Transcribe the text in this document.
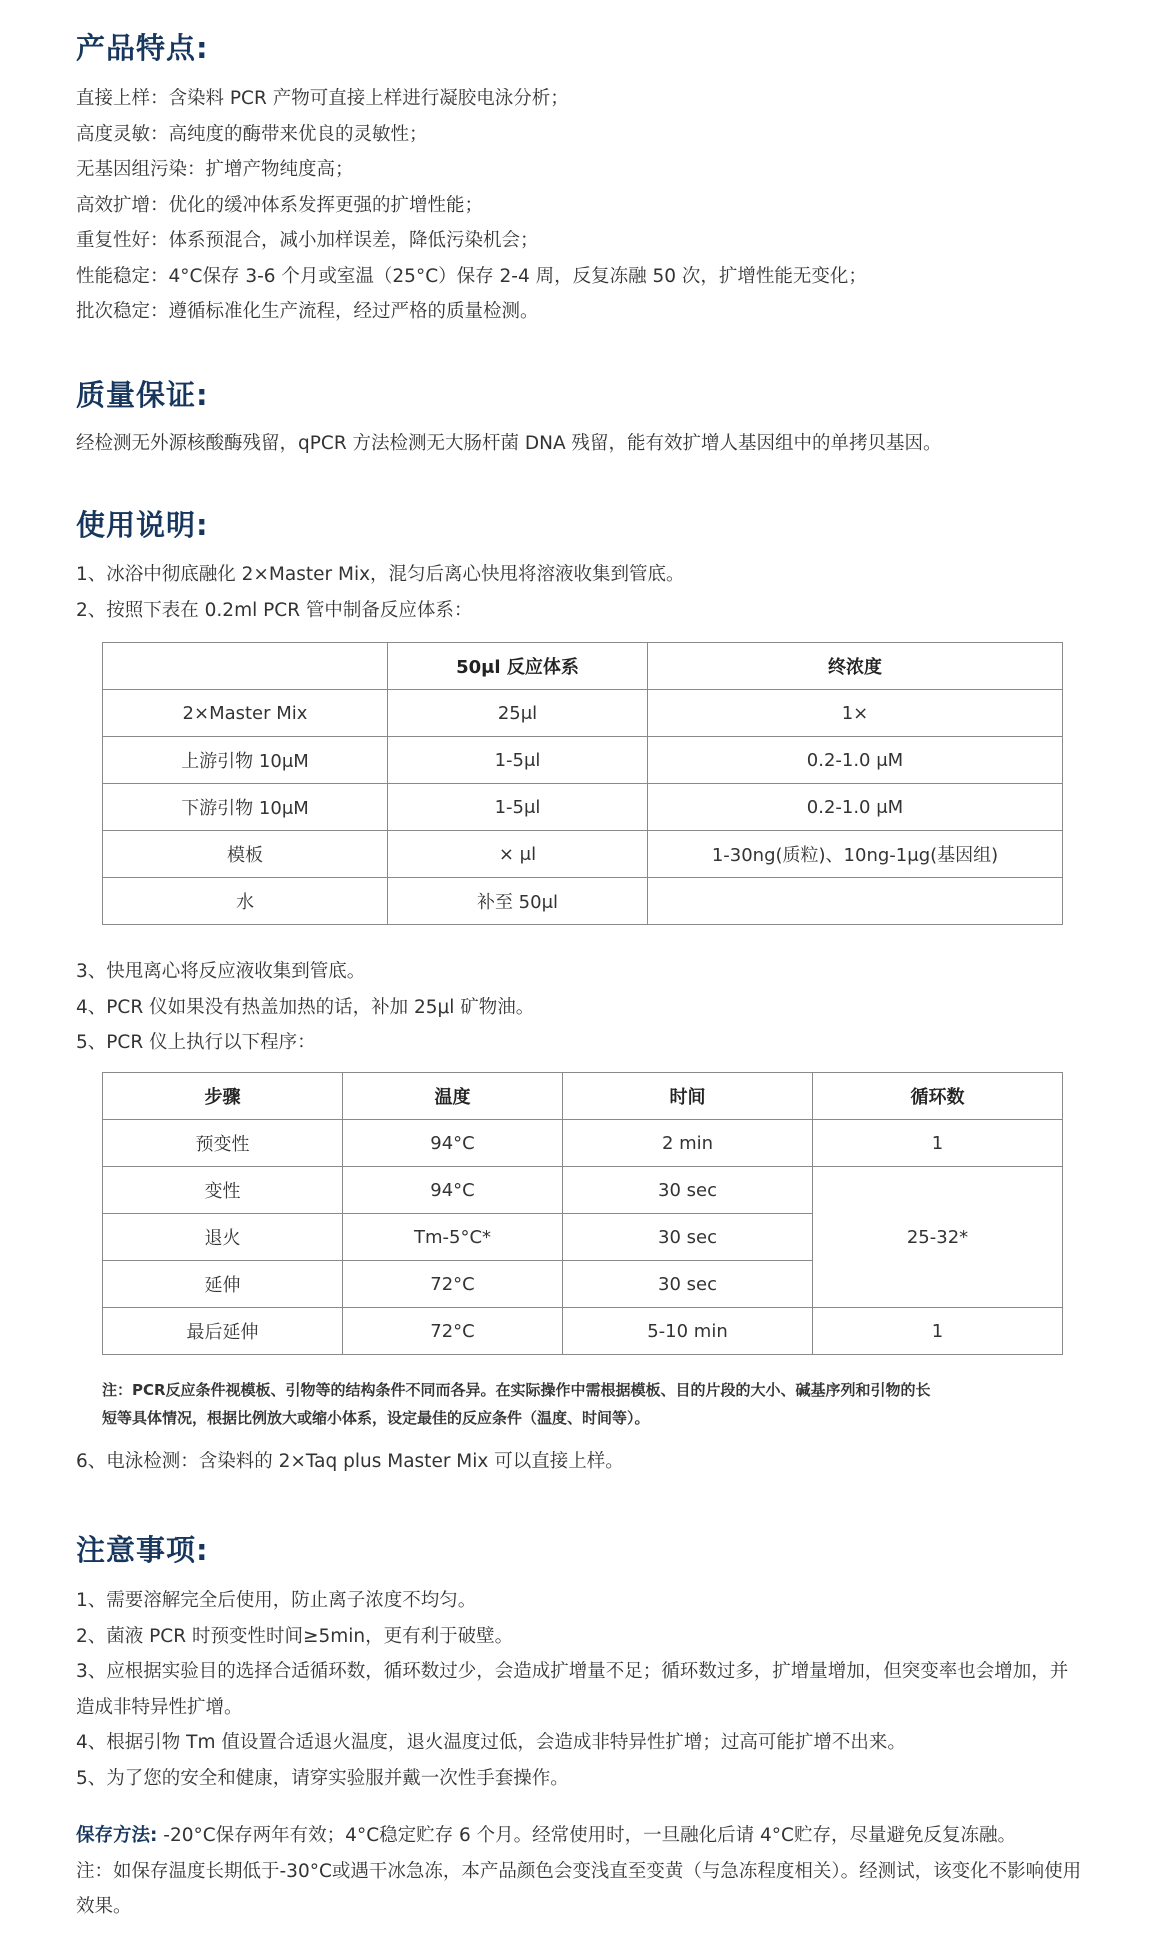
产品特点:
直接上样：含染料 PCR 产物可直接上样进行凝胶电泳分析；
高度灵敏：高纯度的酶带来优良的灵敏性；
无基因组污染：扩增产物纯度高；
高效扩增：优化的缓冲体系发挥更强的扩增性能；
重复性好：体系预混合，减小加样误差，降低污染机会；
性能稳定：4°C保存 3-6 个月或室温（25°C）保存 2-4 周，反复冻融 50 次，扩增性能无变化；
批次稳定：遵循标准化生产流程，经过严格的质量检测。
质量保证:
经检测无外源核酸酶残留，qPCR 方法检测无大肠杆菌 DNA 残留，能有效扩增人基因组中的单拷贝基因。
使用说明:
1、冰浴中彻底融化 2×Master Mix，混匀后离心快甩将溶液收集到管底。
2、按照下表在 0.2ml PCR 管中制备反应体系：
	50μl 反应体系	终浓度
2×Master Mix	25μl	1×
上游引物 10μM	1-5μl	0.2-1.0 μM
下游引物 10μM	1-5μl	0.2-1.0 μM
模板	× μl	1-30ng(质粒)、10ng-1μg(基因组)
水	补至 50μl	
3、快甩离心将反应液收集到管底。
4、PCR 仪如果没有热盖加热的话，补加 25μl 矿物油。
5、PCR 仪上执行以下程序：
步骤	温度	时间	循环数
预变性	94°C	2 min	1
变性	94°C	30 sec	25-32*
退火	Tm-5°C*	30 sec	
延伸	72°C	30 sec	
最后延伸	72°C	5-10 min	1
注：PCR反应条件视模板、引物等的结构条件不同而各异。在实际操作中需根据模板、目的片段的大小、碱基序列和引物的长
短等具体情况，根据比例放大或缩小体系，设定最佳的反应条件（温度、时间等）。
6、电泳检测：含染料的 2×Taq plus Master Mix 可以直接上样。
注意事项:
1、需要溶解完全后使用，防止离子浓度不均匀。
2、菌液 PCR 时预变性时间≥5min，更有利于破壁。
3、应根据实验目的选择合适循环数，循环数过少，会造成扩增量不足；循环数过多，扩增量增加，但突变率也会增加，并造成非特异性扩增。
4、根据引物 Tm 值设置合适退火温度，退火温度过低，会造成非特异性扩增；过高可能扩增不出来。
5、为了您的安全和健康，请穿实验服并戴一次性手套操作。
保存方法: -20°C保存两年有效；4°C稳定贮存 6 个月。经常使用时，一旦融化后请 4°C贮存，尽量避免反复冻融。
注：如保存温度长期低于-30°C或遇干冰急冻，本产品颜色会变浅直至变黄（与急冻程度相关）。经测试，该变化不影响使用效果。
